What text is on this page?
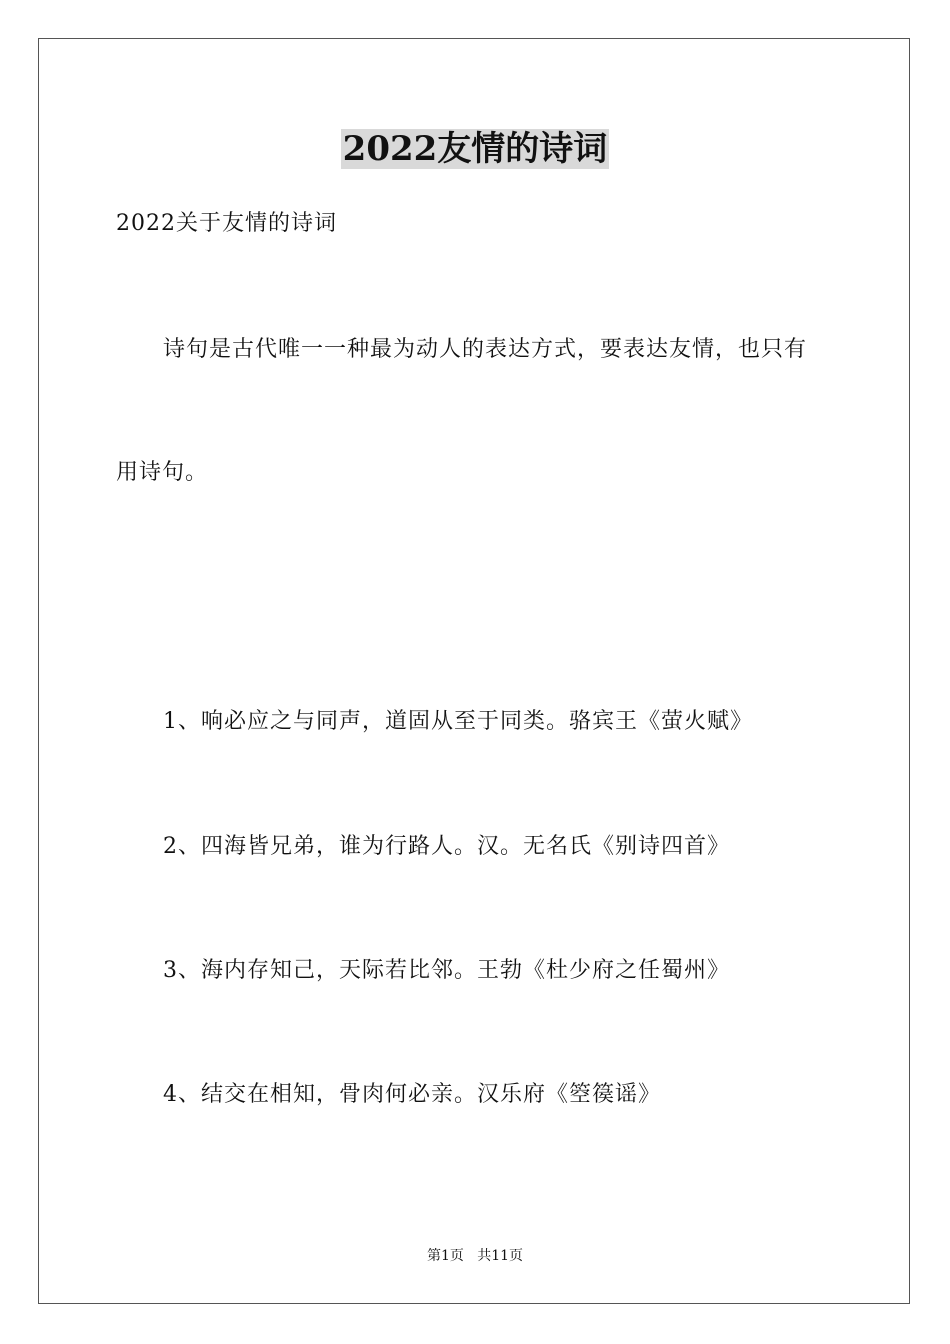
2022友情的诗词
2022关于友情的诗词
诗句是古代唯一一种最为动人的表达方式，要表达友情，也只有
用诗句。
1、响必应之与同声，道固从至于同类。骆宾王《萤火赋》
2、四海皆兄弟，谁为行路人。汉。无名氏《别诗四首》
3、海内存知己，天际若比邻。王勃《杜少府之任蜀州》
4、结交在相知，骨肉何必亲。汉乐府《箜篌谣》
第1页   共11页
